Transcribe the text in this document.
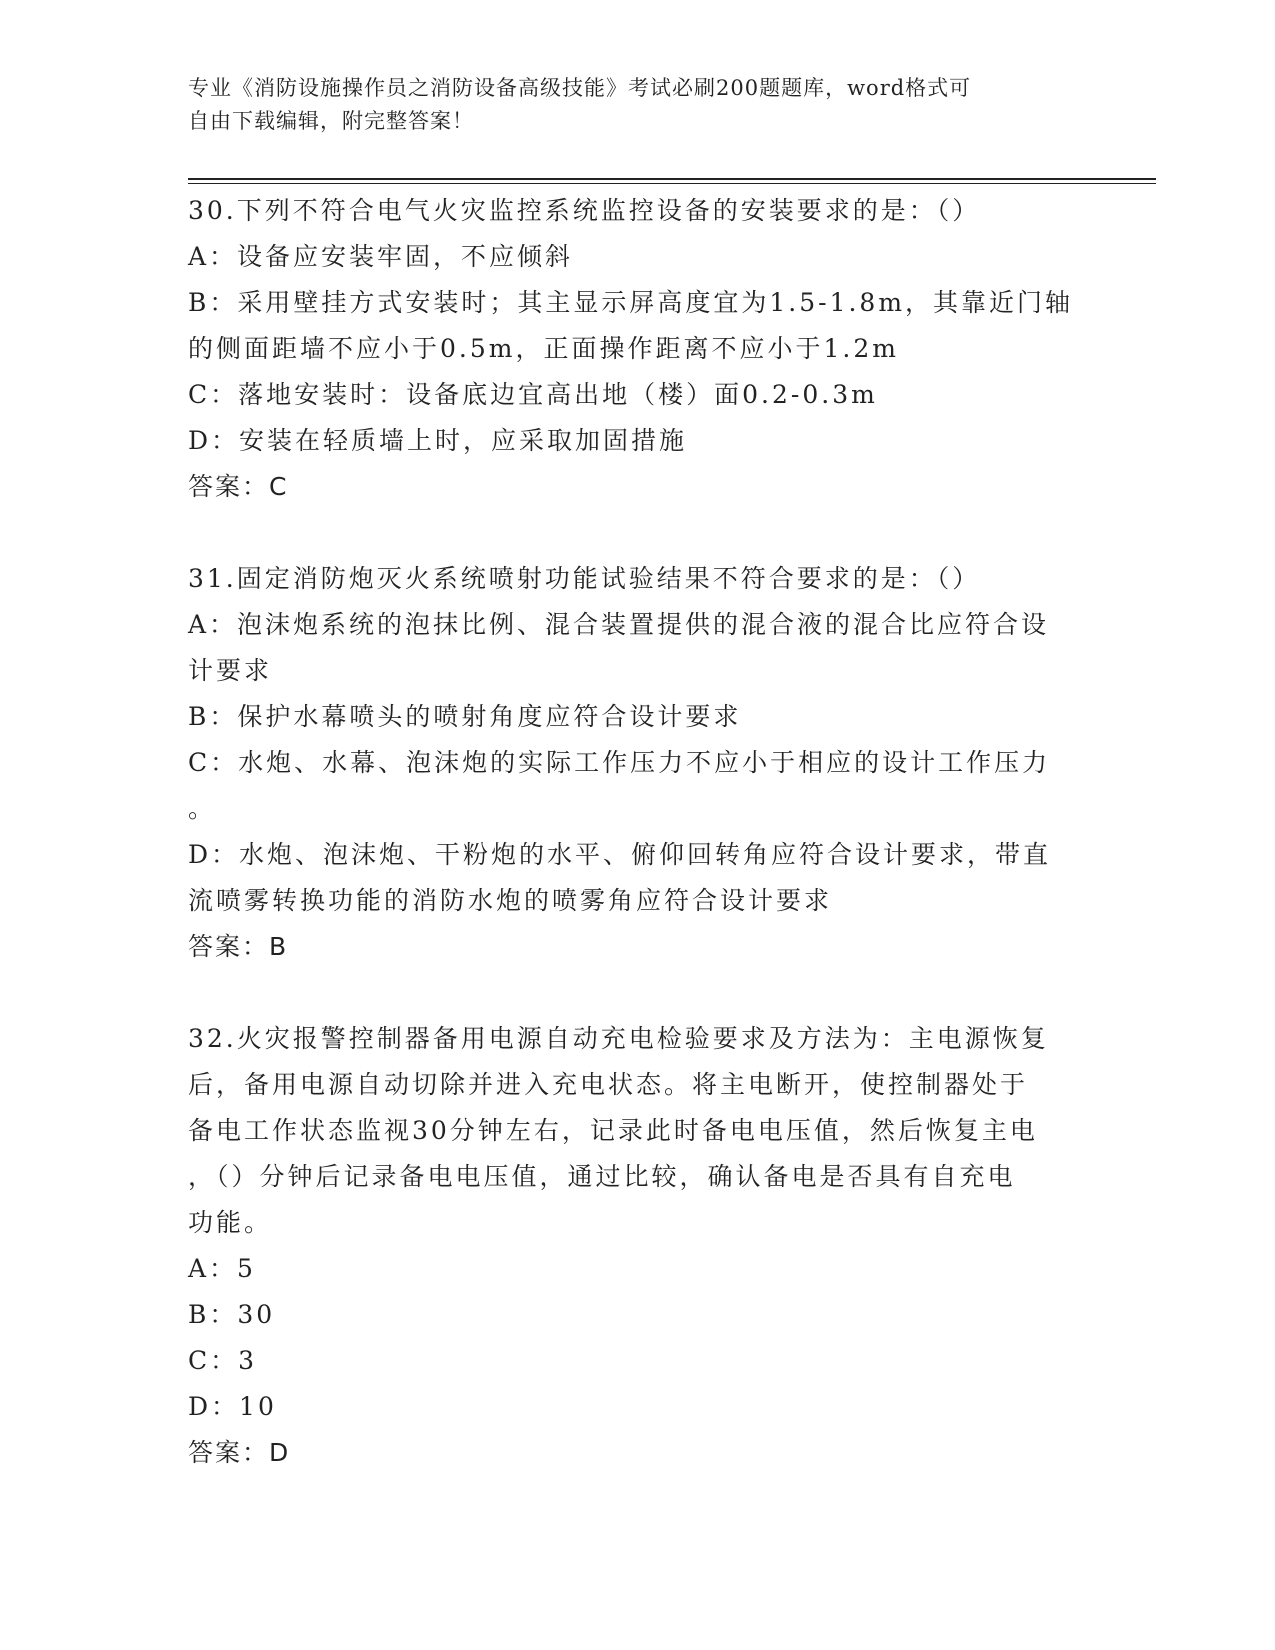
专业《消防设施操作员之消防设备高级技能》考试必刷200题题库，word格式可
自由下载编辑，附完整答案！
30.下列不符合电气火灾监控系统监控设备的安装要求的是：（）
A：设备应安装牢固，不应倾斜
B：采用壁挂方式安装时；其主显示屏高度宜为1.5-1.8m，其靠近门轴
的侧面距墙不应小于0.5m，正面操作距离不应小于1.2m
C：落地安装时：设备底边宜高出地（楼）面0.2-0.3m
D：安装在轻质墙上时，应采取加固措施
答案：C
31.固定消防炮灭火系统喷射功能试验结果不符合要求的是：（）
A：泡沫炮系统的泡抹比例、混合装置提供的混合液的混合比应符合设
计要求
B：保护水幕喷头的喷射角度应符合设计要求
C：水炮、水幕、泡沫炮的实际工作压力不应小于相应的设计工作压力
。
D：水炮、泡沫炮、干粉炮的水平、俯仰回转角应符合设计要求，带直
流喷雾转换功能的消防水炮的喷雾角应符合设计要求
答案：B
32.火灾报警控制器备用电源自动充电检验要求及方法为：主电源恢复
后，备用电源自动切除并进入充电状态。将主电断开，使控制器处于
备电工作状态监视30分钟左右，记录此时备电电压值，然后恢复主电
，（）分钟后记录备电电压值，通过比较，确认备电是否具有自充电
功能。
A：5
B：30
C：3
D：10
答案：D
